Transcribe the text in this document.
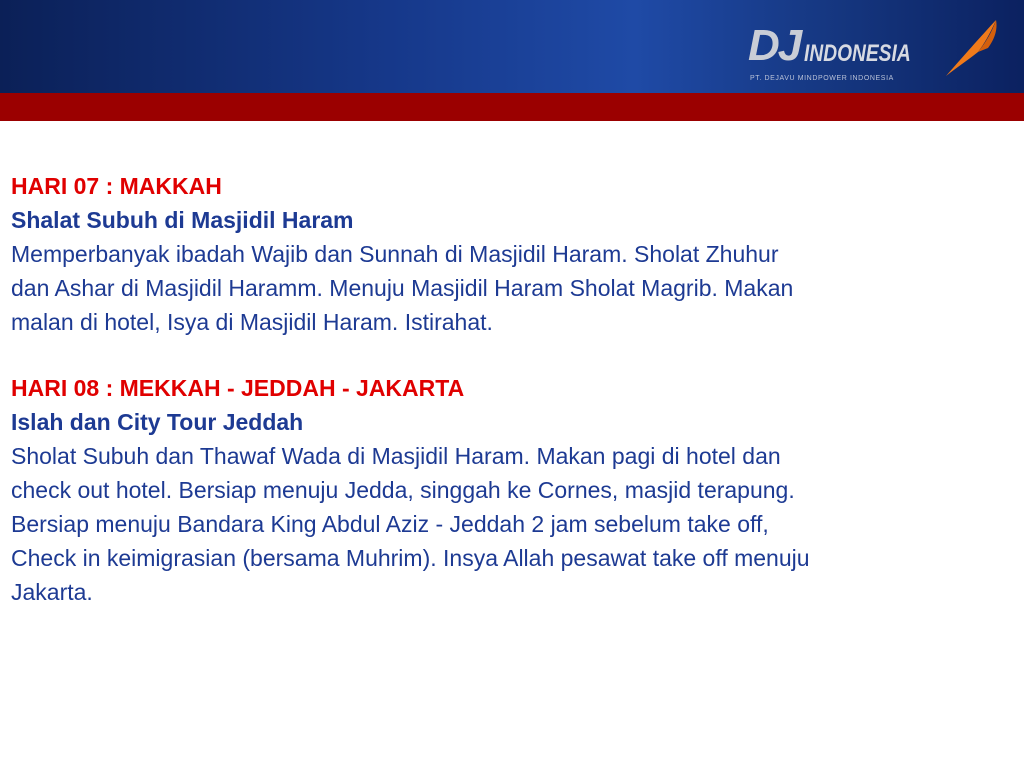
DJ INDONESIA
PT. DEJAVU MINDPOWER INDONESIA
HARI 07 : MAKKAH
Shalat Subuh di Masjidil Haram
Memperbanyak ibadah Wajib dan Sunnah di Masjidil Haram. Sholat Zhuhur
dan Ashar di Masjidil Haramm. Menuju Masjidil Haram Sholat Magrib. Makan
malan di hotel, Isya di Masjidil Haram. Istirahat.
HARI 08 : MEKKAH - JEDDAH - JAKARTA
Islah dan City Tour Jeddah
Sholat Subuh dan Thawaf Wada di Masjidil Haram. Makan pagi di hotel dan
check out hotel. Bersiap menuju Jedda, singgah ke Cornes, masjid terapung.
Bersiap menuju Bandara King Abdul Aziz - Jeddah 2 jam sebelum take off,
Check in keimigrasian (bersama Muhrim). Insya Allah pesawat take off menuju
Jakarta.
